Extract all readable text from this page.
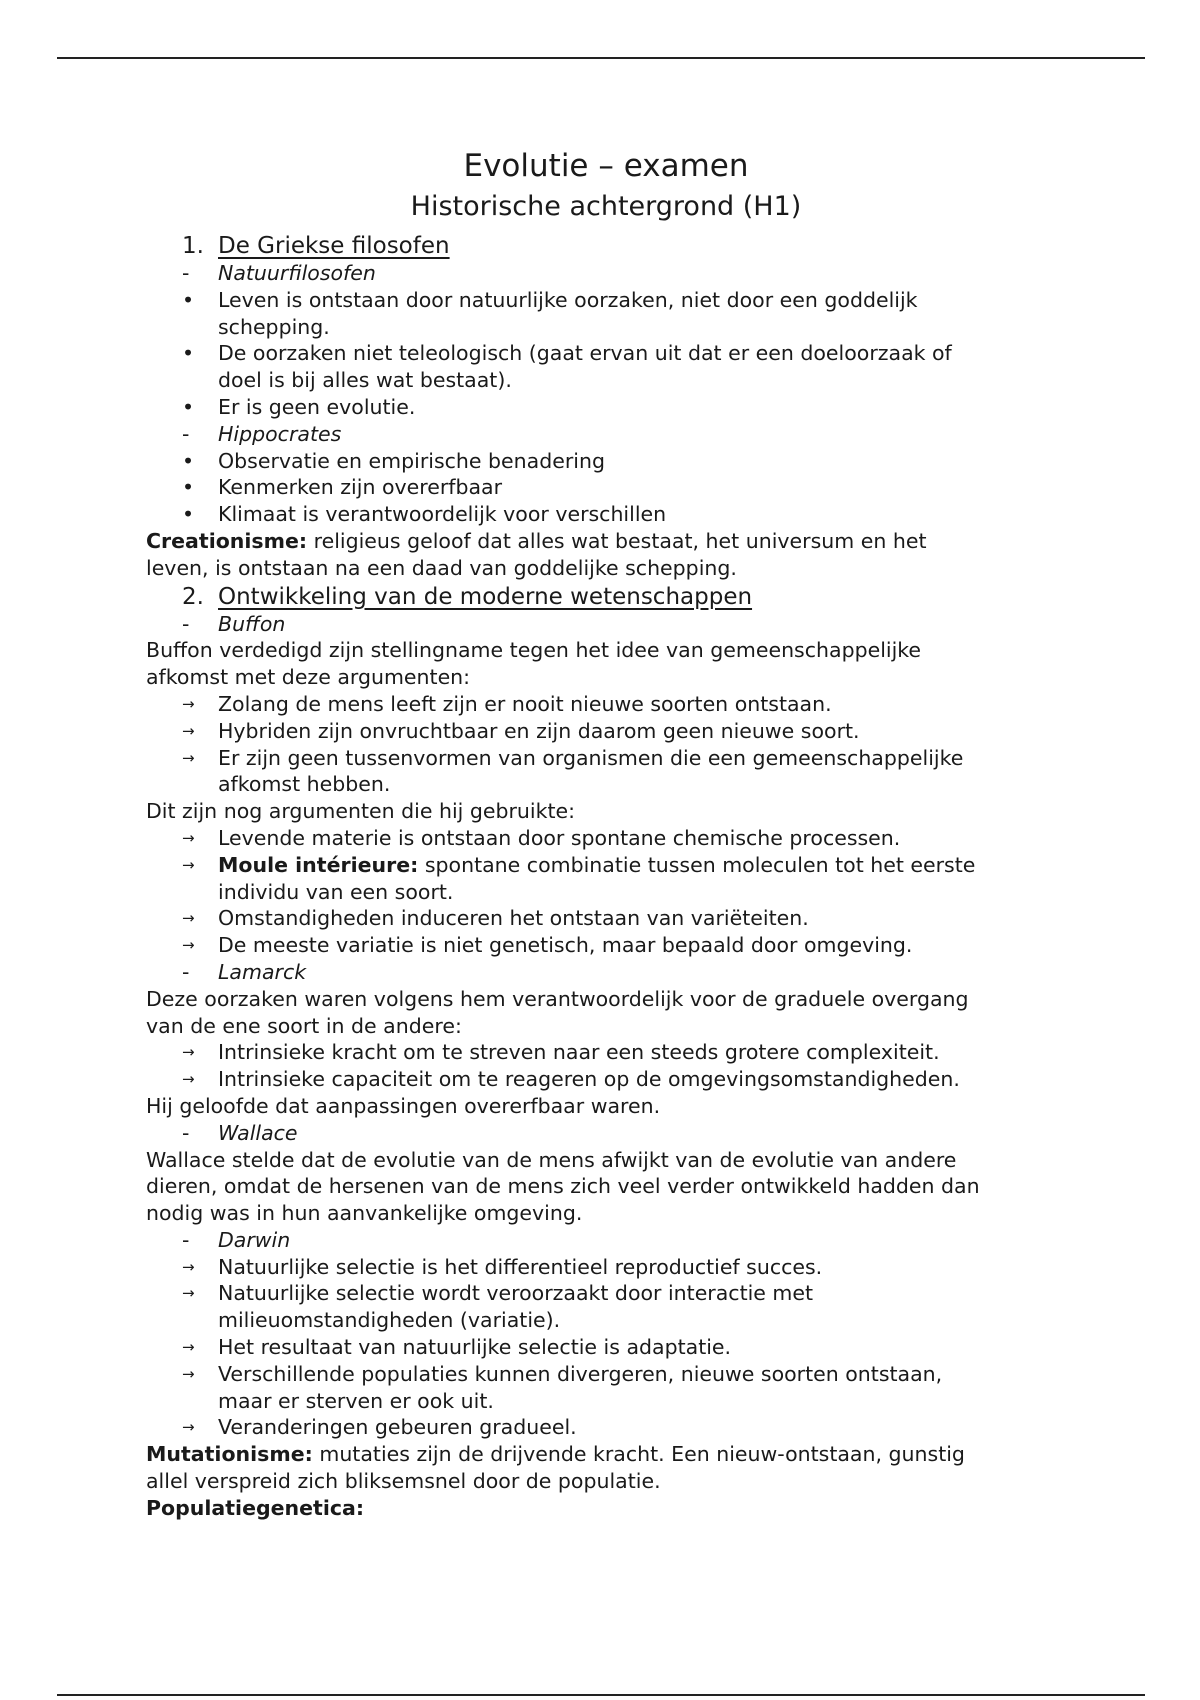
Evolutie – examen
Historische achtergrond (H1)
1. De Griekse filosofen
-	Natuurfilosofen
•	Leven is ontstaan door natuurlijke oorzaken, niet door een goddelijk
schepping.
•	De oorzaken niet teleologisch (gaat ervan uit dat er een doeloorzaak of
doel is bij alles wat bestaat).
•	Er is geen evolutie.
-	Hippocrates
•	Observatie en empirische benadering
•	Kenmerken zijn overerfbaar
•	Klimaat is verantwoordelijk voor verschillen
Creationisme: religieus geloof dat alles wat bestaat, het universum en het
leven, is ontstaan na een daad van goddelijke schepping.
2. Ontwikkeling van de moderne wetenschappen
-	Buffon
Buffon verdedigd zijn stellingname tegen het idee van gemeenschappelijke
afkomst met deze argumenten:
→	Zolang de mens leeft zijn er nooit nieuwe soorten ontstaan.
→	Hybriden zijn onvruchtbaar en zijn daarom geen nieuwe soort.
→	Er zijn geen tussenvormen van organismen die een gemeenschappelijke
afkomst hebben.
Dit zijn nog argumenten die hij gebruikte:
→	Levende materie is ontstaan door spontane chemische processen.
→	Moule intérieure: spontane combinatie tussen moleculen tot het eerste
individu van een soort.
→	Omstandigheden induceren het ontstaan van variëteiten.
→	De meeste variatie is niet genetisch, maar bepaald door omgeving.
-	Lamarck
Deze oorzaken waren volgens hem verantwoordelijk voor de graduele overgang
van de ene soort in de andere:
→	Intrinsieke kracht om te streven naar een steeds grotere complexiteit.
→	Intrinsieke capaciteit om te reageren op de omgevingsomstandigheden.
Hij geloofde dat aanpassingen overerfbaar waren.
-	Wallace
Wallace stelde dat de evolutie van de mens afwijkt van de evolutie van andere
dieren, omdat de hersenen van de mens zich veel verder ontwikkeld hadden dan
nodig was in hun aanvankelijke omgeving.
-	Darwin
→	Natuurlijke selectie is het differentieel reproductief succes.
→	Natuurlijke selectie wordt veroorzaakt door interactie met
milieuomstandigheden (variatie).
→	Het resultaat van natuurlijke selectie is adaptatie.
→	Verschillende populaties kunnen divergeren, nieuwe soorten ontstaan,
maar er sterven er ook uit.
→	Veranderingen gebeuren gradueel.
Mutationisme: mutaties zijn de drijvende kracht. Een nieuw-ontstaan, gunstig
allel verspreid zich bliksemsnel door de populatie.
Populatiegenetica:
